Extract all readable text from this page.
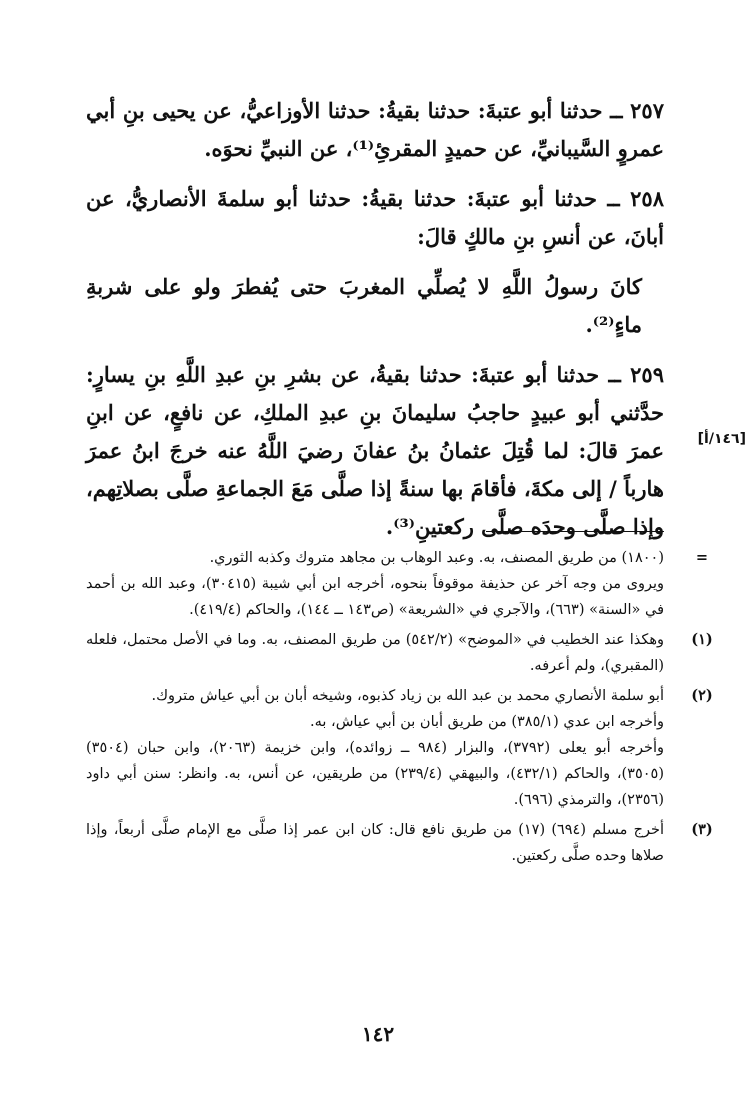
٢٥٧ ــ حدثنا أبو عتبةَ: حدثنا بقيةُ: حدثنا الأوزاعيُّ، عن يحيى بنِ أبي عمروٍ السَّيبانيِّ، عن حميدٍ المقرئِ⁽¹⁾، عن النبيِّ نحوَه.

٢٥٨ ــ حدثنا أبو عتبةَ: حدثنا بقيةُ: حدثنا أبو سلمةَ الأنصاريُّ، عن أبانَ، عن أنسِ بنِ مالكٍ قالَ:

كانَ رسولُ اللَّهِ لا يُصلِّي المغربَ حتى يُفطرَ ولو على شربةِ ماءٍ⁽²⁾.

٢٥٩ ــ حدثنا أبو عتبةَ: حدثنا بقيةُ، عن بشرِ بنِ عبدِ اللَّهِ بنِ يسارٍ: حدَّثني أبو عبيدٍ حاجبُ سليمانَ بنِ عبدِ الملكِ، عن نافعٍ، عن ابنِ عمرَ قالَ: لما قُتِلَ عثمانُ بنُ عفانَ رضيَ اللَّهُ عنه خرجَ ابنُ عمرَ هارباً / إلى مكةَ، فأقامَ بها سنةً إذا صلَّى مَعَ الجماعةِ صلَّى بصلاتِهم، وإذا صلَّى وحدَه صلَّى ركعتينِ⁽³⁾.

[١٤٦/أ]
=

(١٨٠٠) من طريق المصنف، به. وعبد الوهاب بن مجاهد متروك وكذبه الثوري.

ويروى من وجه آخر عن حذيفة موقوفاً بنحوه، أخرجه ابن أبي شيبة (٣٠٤١٥)، وعبد الله بن أحمد في «السنة» (٦٦٣)، والآجري في «الشريعة» (ص١٤٣ ــ ١٤٤)، والحاكم (٤١٩/٤).

(١)

وهكذا عند الخطيب في «الموضح» (٥٤٢/٢) من طريق المصنف، به. وما في الأصل محتمل، فلعله (المقبري)، ولم أعرفه.

(٢)

أبو سلمة الأنصاري محمد بن عبد الله بن زياد كذبوه، وشيخه أبان بن أبي عياش متروك.

وأخرجه ابن عدي (٣٨٥/١) من طريق أبان بن أبي عياش، به.

وأخرجه أبو يعلى (٣٧٩٢)، والبزار (٩٨٤ ــ زوائده)، وابن خزيمة (٢٠٦٣)، وابن حبان (٣٥٠٤) (٣٥٠٥)، والحاكم (٤٣٢/١)، والبيهقي (٢٣٩/٤) من طريقين، عن أنس، به. وانظر: سنن أبي داود (٢٣٥٦)، والترمذي (٦٩٦).

(٣)

أخرج مسلم (٦٩٤) (١٧) من طريق نافع قال: كان ابن عمر إذا صلَّى مع الإمام صلَّى أربعاً، وإذا صلاها وحده صلَّى ركعتين.

١٤٢
